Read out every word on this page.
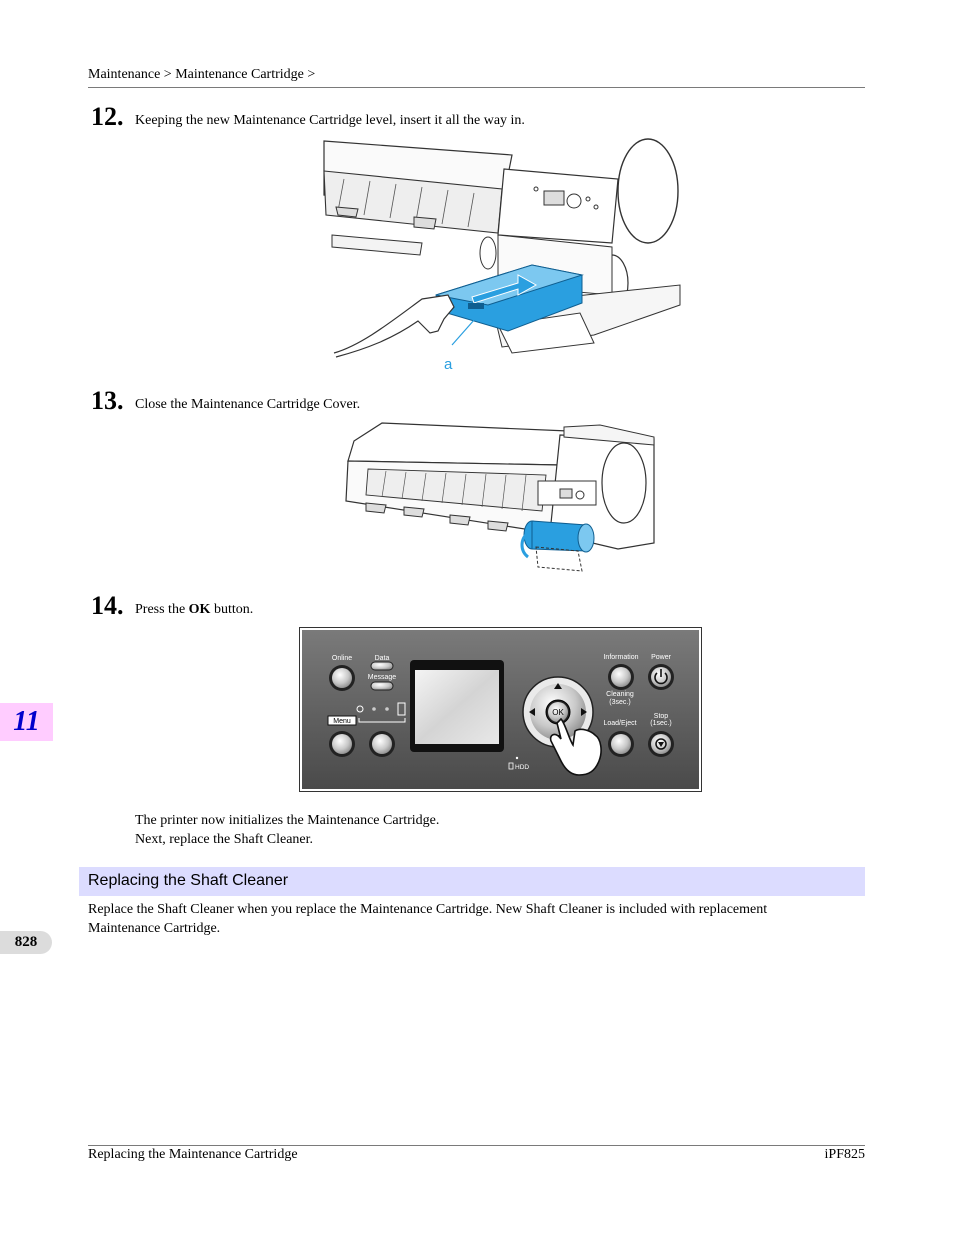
Maintenance > Maintenance Cartridge >
12. Keeping the new Maintenance Cartridge level, insert it all the way in.
a
13. Close the Maintenance Cartridge Cover.
14. Press the OK button.
Online	Data
Message
Menu
HDD
OK
Information Power
Cleaning
(3sec.)
Load/Eject
Stop
(1sec.)
The printer now initializes the Maintenance Cartridge.
Next, replace the Shaft Cleaner.
Replacing the Shaft Cleaner
Replace the Shaft Cleaner when you replace the Maintenance Cartridge. New Shaft Cleaner is included with replacement
Maintenance Cartridge.
11
828
Replacing the Maintenance Cartridge	iPF825
